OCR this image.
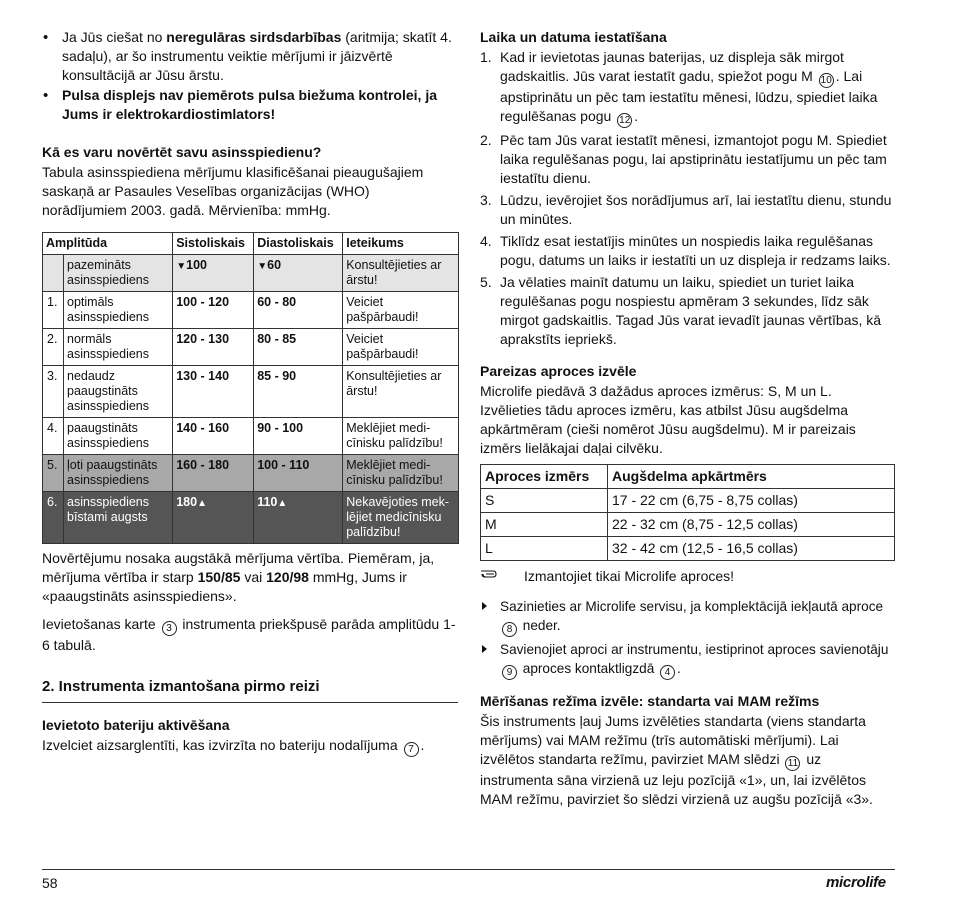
• Ja Jūs ciešat no neregulāras sirdsdarbības (aritmija; skatīt 4. sadaļu), ar šo instrumentu veiktie mērījumi ir jāizvērtē konsultācijā ar Jūsu ārstu.

• Pulsa displejs nav piemērots pulsa biežuma kontrolei, ja Jums ir elektrokardiostimlators!

Kā es varu novērtēt savu asinsspiedienu?

Tabula asinsspiediena mērījumu klasificēšanai pieaugušajiem saskaņā ar Pasaules Veselības organizācijas (WHO) norādījumiem 2003. gadā. Mērvienība: mmHg.

Amplitūda		Sistoliskais	Diastoliskais	Ieteikums
	pazemināts asinsspiediens	▼100	▼60	Konsultējieties ar ārstu!
1.	optimāls asinsspiediens	100 - 120	60 - 80	Veiciet pašpārbaudi!
2.	normāls asinsspiediens	120 - 130	80 - 85	Veiciet pašpārbaudi!
3.	nedaudz paaugstināts asinsspiediens	130 - 140	85 - 90	Konsultējieties ar ārstu!
4.	paaugstināts asinsspiediens	140 - 160	90 - 100	Meklējiet medi-cīnisku palīdzību!
5.	ļoti paaugstināts asinsspiediens	160 - 180	100 - 110	Meklējiet medi-cīnisku palīdzību!
6.	asinsspiediens bīstami augsts	180▲	110▲	Nekavējoties mek-lējiet medicīnisku palīdzību!

Novērtējumu nosaka augstākā mērījuma vērtība. Piemēram, ja, mērījuma vērtība ir starp 150/85 vai 120/98 mmHg, Jums ir «paaugstināts asinsspiediens».

Ievietošanas karte 3 instrumenta priekšpusē parāda amplitūdu 1-6 tabulā.

2. Instrumenta izmantošana pirmo reizi

Ievietoto bateriju aktivēšana

Izvelciet aizsarglentīti, kas izvirzīta no bateriju nodalījuma 7 .

Laika un datuma iestatīšana

1. Kad ir ievietotas jaunas baterijas, uz displeja sāk mirgot gadskaitlis. Jūs varat iestatīt gadu, spiežot pogu M 10 . Lai apstiprinātu un pēc tam iestatītu mēnesi, lūdzu, spiediet laika regulēšanas pogu 12 .

2. Pēc tam Jūs varat iestatīt mēnesi, izmantojot pogu M. Spiediet laika regulēšanas pogu, lai apstiprinātu iestatījumu un pēc tam iestatītu dienu.

3. Lūdzu, ievērojiet šos norādījumus arī, lai iestatītu dienu, stundu un minūtes.

4. Tiklīdz esat iestatījis minūtes un nospiedis laika regulēšanas pogu, datums un laiks ir iestatīti un uz displeja ir redzams laiks.

5. Ja vēlaties mainīt datumu un laiku, spiediet un turiet laika regulēšanas pogu nospiestu apmēram 3 sekundes, līdz sāk mirgot gadskaitlis. Tagad Jūs varat ievadīt jaunas vērtības, kā aprakstīts iepriekš.

Pareizas aproces izvēle

Microlife piedāvā 3 dažādus aproces izmērus: S, M un L. Izvēlieties tādu aproces izmēru, kas atbilst Jūsu augšdelma apkārtmēram (cieši nomērot Jūsu augšdelmu). M ir pareizais izmērs lielākajai daļai cilvēku.

Aproces izmērs	Augšdelma apkārtmērs
S	17 - 22 cm (6,75 - 8,75 collas)
M	22 - 32 cm (8,75 - 12,5 collas)
L	32 - 42 cm (12,5 - 16,5 collas)

Izmantojiet tikai Microlife aproces!

Sazinieties ar Microlife servisu, ja komplektācijā iekļautā aproce 8 neder.

Savienojiet aproci ar instrumentu, iestiprinot aproces savienotāju 9 aproces kontaktligzdā 4 .

Mērīšanas režīma izvēle: standarta vai MAM režīms

Šis instruments ļauj Jums izvēlēties standarta (viens standarta mērījums) vai MAM režīmu (trīs automātiski mērījumi). Lai izvēlētos standarta režīmu, pavirziet MAM slēdzi 11 uz instrumenta sāna virzienā uz leju pozīcijā «1», un, lai izvēlētos MAM režīmu, pavirziet šo slēdzi virzienā uz augšu pozīcijā «3».

58	microlife
